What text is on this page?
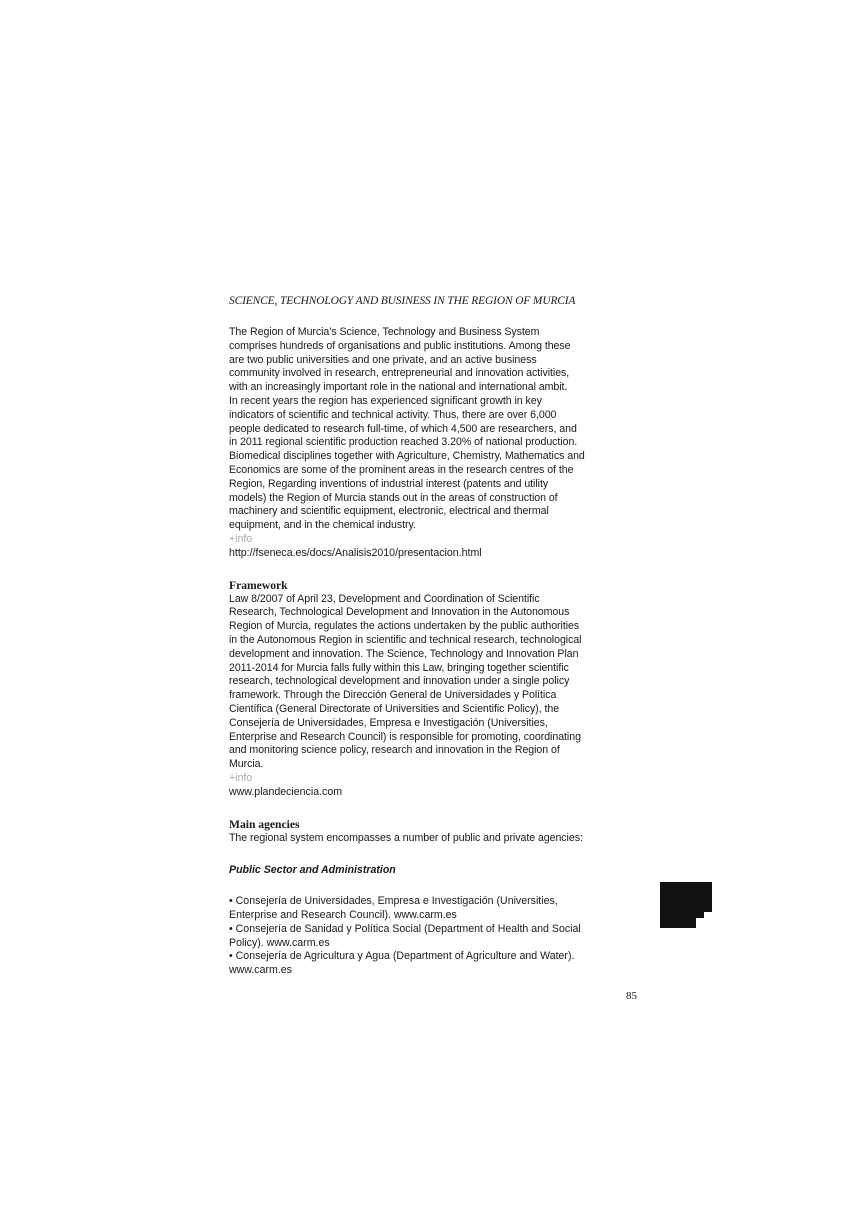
SCIENCE, TECHNOLOGY AND BUSINESS IN THE REGION OF MURCIA

The Region of Murcia’s Science, Technology and Business System comprises hundreds of organisations and public institutions. Among these are two public universities and one private, and an active business community involved in research, entrepreneurial and innovation activities, with an increasingly important role in the national and international ambit.

In recent years the region has experienced significant growth in key indicators of scientific and technical activity. Thus, there are over 6,000 people dedicated to research full-time, of which 4,500 are researchers, and in 2011 regional scientific production reached 3.20% of national production. Biomedical disciplines together with Agriculture, Chemistry, Mathematics and Economics are some of the prominent areas in the research centres of the Region, Regarding inventions of industrial interest (patents and utility models) the Region of Murcia stands out in the areas of construction of machinery and scientific equipment, electronic, electrical and thermal equipment, and in the chemical industry.

+info

http://fseneca.es/docs/Analisis2010/presentacion.html

Framework

Law 8/2007 of April 23, Development and Coordination of Scientific Research, Technological Development and Innovation in the Autonomous Region of Murcia, regulates the actions undertaken by the public authorities in the Autonomous Region in scientific and technical research, technological development and innovation. The Science, Technology and Innovation Plan 2011-2014 for Murcia falls fully within this Law, bringing together scientific research, technological development and innovation under a single policy framework. Through the Dirección General de Universidades y Política Científica (General Directorate of Universities and Scientific Policy), the Consejería de Universidades, Empresa e Investigación (Universities, Enterprise and Research Council) is responsible for promoting, coordinating and monitoring science policy, research and innovation in the Region of Murcia.

+info

www.plandeciencia.com

Main agencies

The regional system encompasses a number of public and private agencies:

Public Sector and Administration

• Consejería de Universidades, Empresa e Investigación (Universities, Enterprise and Research Council). www.carm.es

• Consejería de Sanidad y Política Social (Department of Health and Social Policy). www.carm.es

• Consejería de Agricultura y Agua (Department of Agriculture and Water). www.carm.es

85
